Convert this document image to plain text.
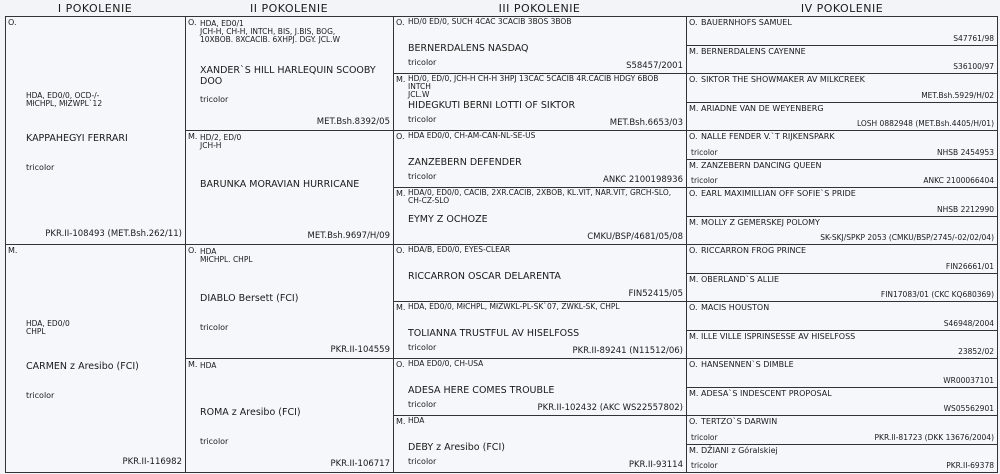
I POKOLENIE	II POKOLENIE	III POKOLENIE	IV POKOLENIE
O.
HDA, ED0/0, OCD-/-
MłCHPL, MłZWPL`12
KAPPAHEGYI FERRARI
tricolor
PKR.II-108493 (MET.Bsh.262/11)
M.
HDA, ED0/0
CHPL
CARMEN z Aresibo (FCI)
tricolor
PKR.II-116982
O. HDA, ED0/1
JCH-H, CH-H, INTCH, BIS, J.BIS, BOG,
10XBOB. 8XCACIB. 6XHPJ. DGY. JCL.W
XANDER`S HILL HARLEQUIN SCOOBY DOO
tricolor
MET.Bsh.8392/05
M. HD/2, ED/0
JCH-H
BARUNKA MORAVIAN HURRICANE
MET.Bsh.9697/H/09
O. HDA
MłCHPL. CHPL
DIABLO Bersett (FCI)
tricolor
PKR.II-104559
M. HDA
ROMA z Aresibo (FCI)
tricolor
PKR.II-106717
O. HD/0 ED/0, SUCH 4CAC 3CACIB 3BOS 3BOB
BERNERDALENS NASDAQ
tricolor	S58457/2001
M. HD/0, ED/0, JCH-H CH-H 3HPJ 13CAC 5CACIB 4R.CACIB HDGY 6BOB INTCH
JCL.W
HIDEGKUTI BERNI LOTTI OF SIKTOR
tricolor	MET.Bsh.6653/03
O. HDA ED0/0, CH-AM-CAN-NL-SE-US
ZANZEBERN DEFENDER
tricolor	ANKC 2100198936
M. HDA/0, ED0/0, CACIB, 2XR.CACIB, 2XBOB, KL.VIT, NAR.VIT, GRCH-SLO,
CH-CZ-SLO
EYMY Z OCHOZE
CMKU/BSP/4681/05/08
O. HDA/B, ED0/0, EYES-CLEAR
RICCARRON OSCAR DELARENTA
FIN52415/05
M. HDA, ED0/0, MłCHPL, MłZWKL-PL-SK`07, ZWKL-SK, CHPL
TOLIANNA TRUSTFUL AV HISELFOSS
tricolor	PKR.II-89241 (N11512/06)
O. HDA ED0/0, CH-USA
ADESA HERE COMES TROUBLE
tricolor	PKR.II-102432 (AKC WS22557802)
M. HDA
DEBY z Aresibo (FCI)
tricolor	PKR.II-93114
O. BAUERNHOFS SAMUEL
S47761/98
M. BERNERDALENS CAYENNE
S36100/97
O. SIKTOR THE SHOWMAKER AV MILKCREEK
MET.Bsh.5929/H/02
M. ARIADNE VAN DE WEYENBERG
LOSH 0882948 (MET.Bsh.4405/H/01)
O. NALLE FENDER V.`T RIJKENSPARK
tricolor	NHSB 2454953
M. ZANZEBERN DANCING QUEEN
tricolor	ANKC 2100066404
O. EARL MAXIMILLIAN OFF SOFIE`S PRIDE
NHSB 2212990
M. MOLLY Z GEMERSKEJ POLOMY
SK-SKJ/SPKP 2053 (CMKU/BSP/2745/-02/02/04)
O. RICCARRON FROG PRINCE
FIN26661/01
M. OBERLAND`S ALLIE
FIN17083/01 (CKC KQ680369)
O. MACIS HOUSTON
S46948/2004
M. ILLE VILLE ISPRINSESSE AV HISELFOSS
23852/02
O. HANSENNEN`S DIMBLE
WR00037101
M. ADESA`S INDESCENT PROPOSAL
WS05562901
O. TERTZO`S DARWIN
tricolor	PKR.II-81723 (DKK 13676/2004)
M. DŽIANI z Góralskiej
tricolor	PKR.II-69378
